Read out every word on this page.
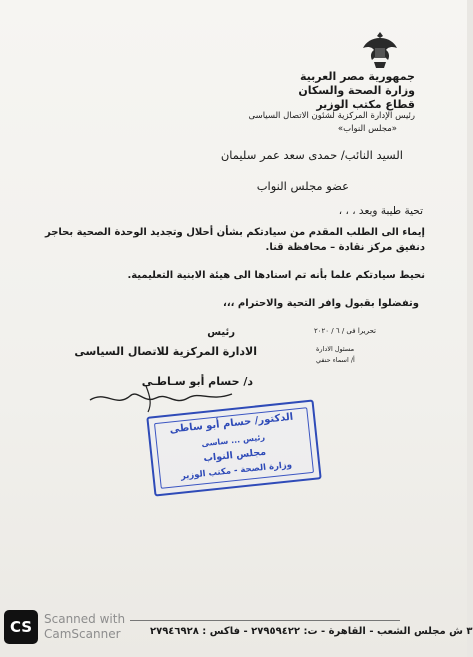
جمهورية مصر العربية
وزارة الصحة والسكان
قطاع مكتب الوزير
رئيس الإدارة المركزية لشئون الاتصال السياسى
«مجلس النواب»
السيد النائب/ حمدى سعد عمر سليمان
عضو مجلس النواب
تحية طيبة وبعد ، ، ،
إيماء الى الطلب المقدم من سيادتكم بشأن أحلال وتجديد الوحدة الصحية بحاجر
دنفيق مركز نقادة – محافظة قنا.
نحيط سيادتكم علما بأنه تم اسنادها الى هيئة الابنية التعليمية.
وتفضلوا بقبول وافر التحية والاحترام ،،،
تحريرا فى / ٦ / ٢٠٢٠
مسئول الادارة
أ/ اسماء حنفي
رئيس
الادارة المركزية للاتصال السياسى
د/ حسام أبو سـاطـى
الدكتور/ حسام أبو ساطى
رئيس ... ساسى
مجلس النواب
وزارة الصحة - مكتب الوزير
٣ ش مجلس الشعب - القاهرة - ت: ٢٧٩٥٩٤٢٢ - فاكس : ٢٧٩٤٦٩٢٨
CS Scanned with
CamScanner
